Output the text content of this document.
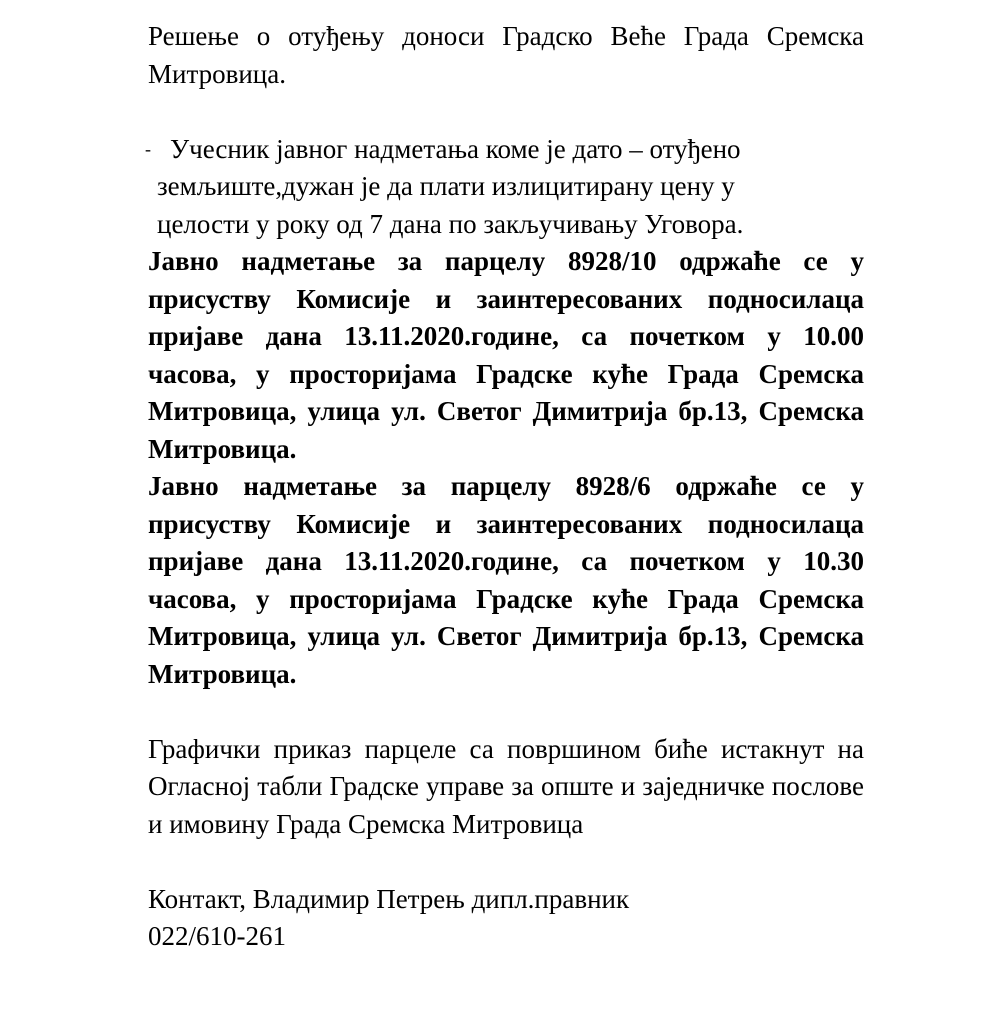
Решење о отуђењу доноси Градско Веће Града Сремска Митровица.

- Учесник јавног надметања коме је дато – отуђено
земљиште,дужан је да плати излицитирану цену у
целости у року од 7 дана по закључивању Уговора.

Јавно надметање за парцелу 8928/10 одржаће се у присуству Комисије и заинтересованих подносилаца пријаве дана 13.11.2020.године, са почетком у 10.00 часова, у просторијама Градске куће Града Сремска Митровица, улица ул. Светог Димитрија бр.13, Сремска Митровица.

Јавно надметање за парцелу 8928/6 одржаће се у присуству Комисије и заинтересованих подносилаца пријаве дана 13.11.2020.године, са почетком у 10.30 часова, у просторијама Градске куће Града Сремска Митровица, улица ул. Светог Димитрија бр.13, Сремска Митровица.

Графички приказ парцеле са површином биће истакнут на Огласној табли Градске управе за опште и заједничке послове и имовину Града Сремска Митровица

Контакт, Владимир Петрењ дипл.правник
022/610-261
